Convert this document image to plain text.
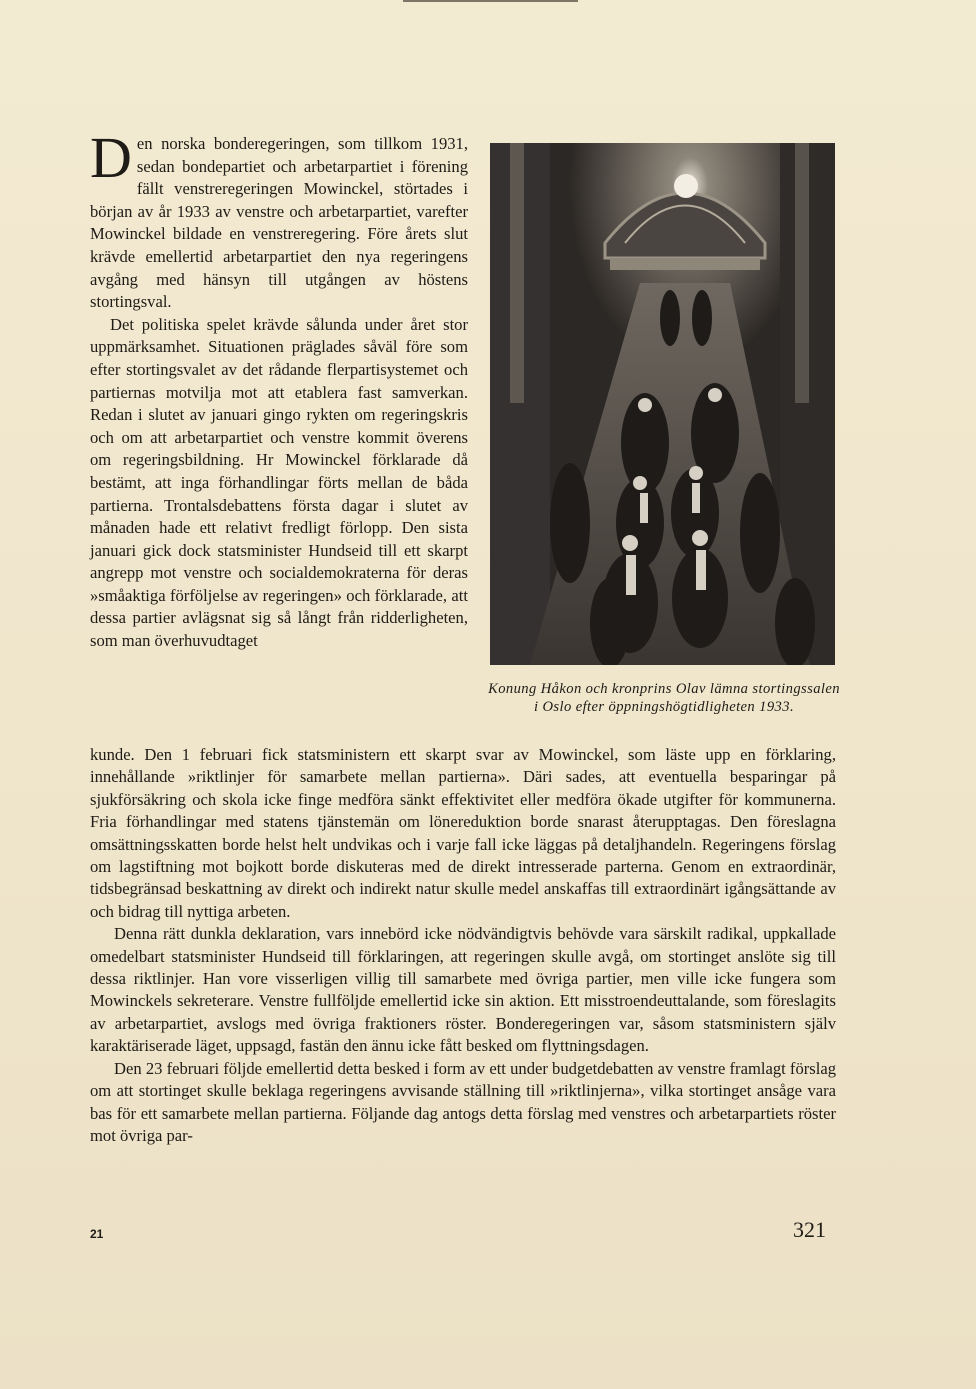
Den norska bonderegeringen, som tillkom 1931, sedan bondepartiet och arbetarpartiet i förening fällt venstreregeringen Mowinckel, störtades i början av år 1933 av venstre och arbetarpartiet, varefter Mowinckel bildade en venstreregering. Före årets slut krävde emellertid arbetarpartiet den nya regeringens avgång med hänsyn till utgången av höstens stortingsval.

Det politiska spelet krävde sålunda under året stor uppmärksamhet. Situationen präglades såväl före som efter stortingsvalet av det rådande flerpartisystemet och partiernas motvilja mot att etablera fast samverkan. Redan i slutet av januari gingo rykten om regeringskris och om att arbetarpartiet och venstre kommit överens om regeringsbildning. Hr Mowinckel förklarade då bestämt, att inga förhandlingar förts mellan de båda partierna. Trontalsdebattens första dagar i slutet av månaden hade ett relativt fredligt förlopp. Den sista januari gick dock statsminister Hundseid till ett skarpt angrepp mot venstre och socialdemokraterna för deras »småaktiga förföljelse av regeringen» och förklarade, att dessa partier avlägsnat sig så långt från ridderligheten, som man överhuvudtaget

Konung Håkon och kronprins Olav lämna stortingssalen i Oslo efter öppningshögtidligheten 1933.

kunde. Den 1 februari fick statsministern ett skarpt svar av Mowinckel, som läste upp en förklaring, innehållande »riktlinjer för samarbete mellan partierna». Däri sades, att eventuella besparingar på sjukförsäkring och skola icke finge medföra sänkt effektivitet eller medföra ökade utgifter för kommunerna. Fria förhandlingar med statens tjänstemän om lönereduktion borde snarast återupptagas. Den föreslagna omsättningsskatten borde helst helt undvikas och i varje fall icke läggas på detaljhandeln. Regeringens förslag om lagstiftning mot bojkott borde diskuteras med de direkt intresserade parterna. Genom en extraordinär, tidsbegränsad beskattning av direkt och indirekt natur skulle medel anskaffas till extraordinärt igångsättande av och bidrag till nyttiga arbeten.

Denna rätt dunkla deklaration, vars innebörd icke nödvändigtvis behövde vara särskilt radikal, uppkallade omedelbart statsminister Hundseid till förklaringen, att regeringen skulle avgå, om stortinget anslöte sig till dessa riktlinjer. Han vore visserligen villig till samarbete med övriga partier, men ville icke fungera som Mowinckels sekreterare. Venstre fullföljde emellertid icke sin aktion. Ett misstroendeuttalande, som föreslagits av arbetarpartiet, avslogs med övriga fraktioners röster. Bonderegeringen var, såsom statsministern själv karaktäriserade läget, uppsagd, fastän den ännu icke fått besked om flyttningsdagen.

Den 23 februari följde emellertid detta besked i form av ett under budgetdebatten av venstre framlagt förslag om att stortinget skulle beklaga regeringens avvisande ställning till »riktlinjerna», vilka stortinget ansåge vara bas för ett samarbete mellan partierna. Följande dag antogs detta förslag med venstres och arbetarpartiets röster mot övriga par-

21	321
